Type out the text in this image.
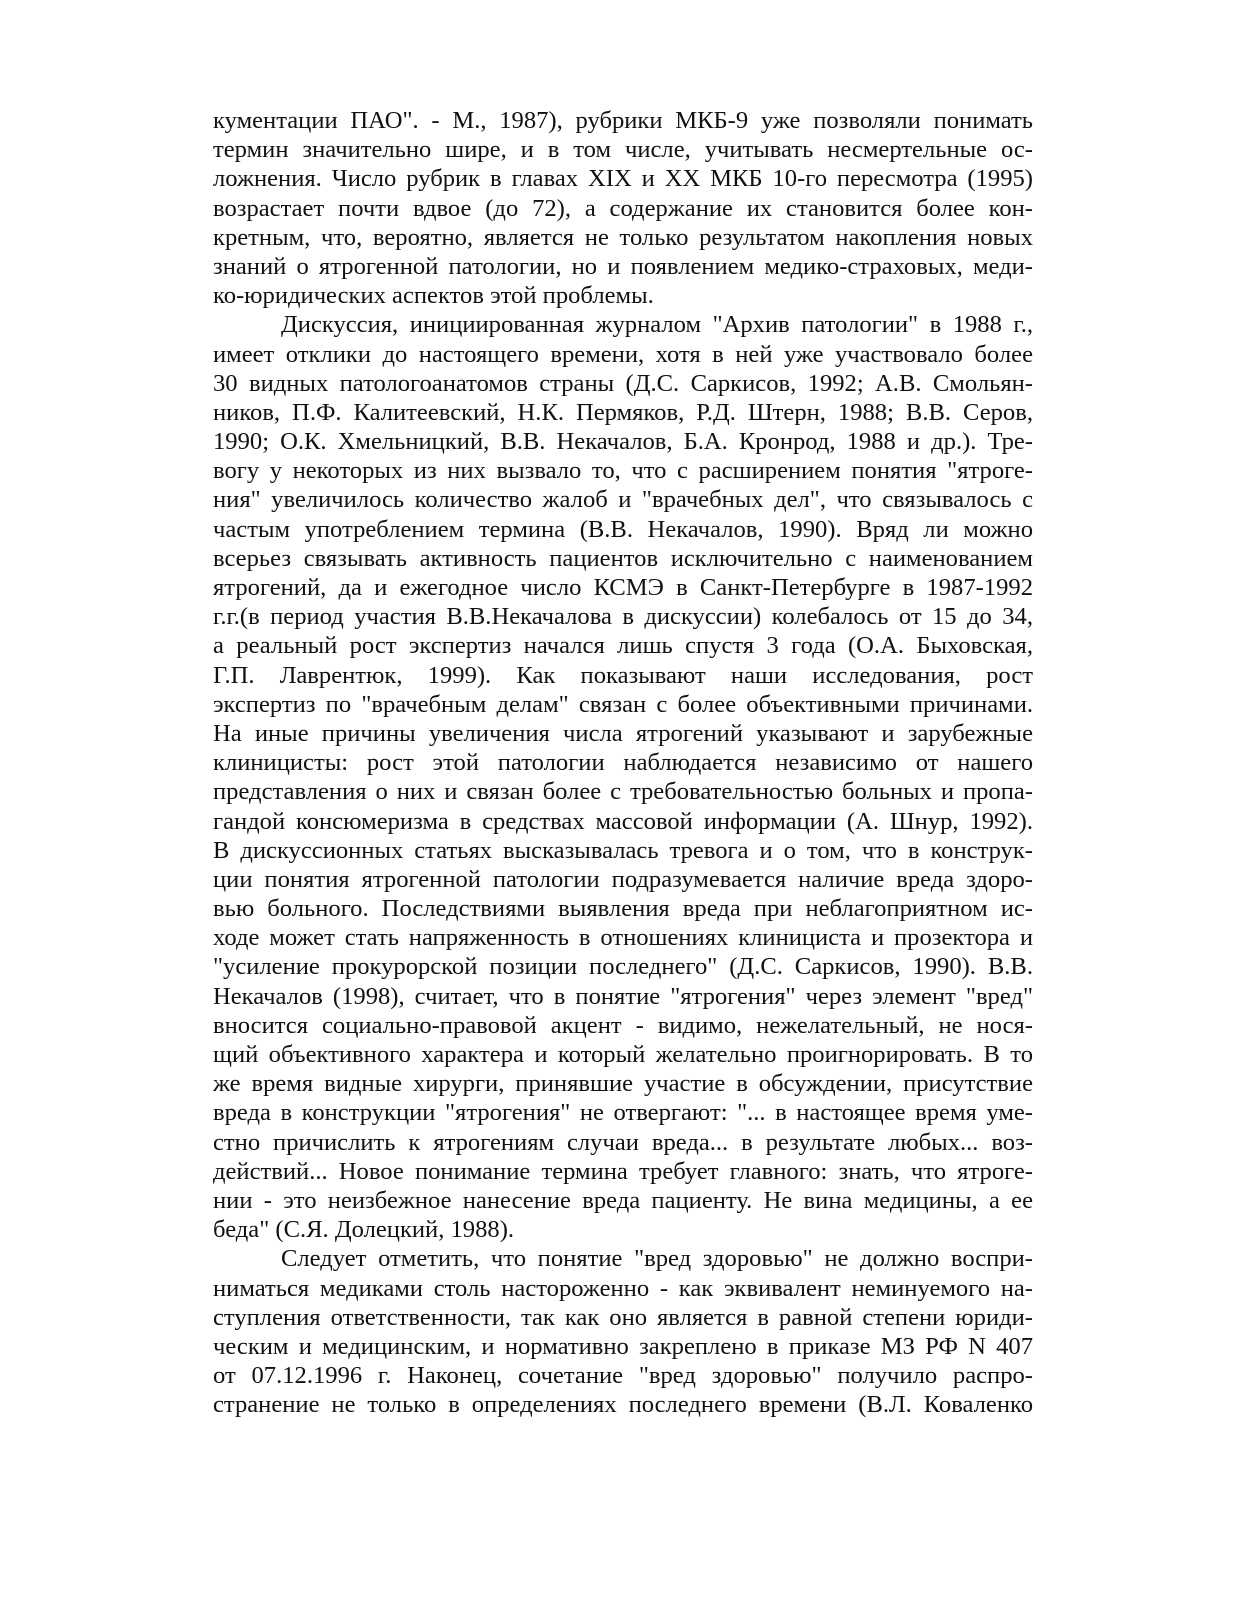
кументации ПАО". - М., 1987), рубрики МКБ-9 уже позволяли понимать
термин значительно шире, и в том числе, учитывать несмертельные ос-
ложнения. Число рубрик в главах XIX и XX МКБ 10-го пересмотра (1995)
возрастает почти вдвое (до 72), а содержание их становится более кон-
кретным, что, вероятно, является не только результатом накопления новых
знаний о ятрогенной патологии, но и появлением медико-страховых, меди-
ко-юридических аспектов этой проблемы.
Дискуссия, инициированная журналом "Архив патологии" в 1988 г.,
имеет отклики до настоящего времени, хотя в ней уже участвовало более
30 видных патологоанатомов страны (Д.С. Саркисов, 1992; А.В. Смольян-
ников, П.Ф. Калитеевский, Н.К. Пермяков, Р.Д. Штерн, 1988; В.В. Серов,
1990; О.К. Хмельницкий, В.В. Некачалов, Б.А. Кронрод, 1988 и др.). Тре-
вогу у некоторых из них вызвало то, что с расширением понятия "ятроге-
ния" увеличилось количество жалоб и "врачебных дел", что связывалось с
частым употреблением термина (В.В. Некачалов, 1990). Вряд ли можно
всерьез связывать активность пациентов исключительно с наименованием
ятрогений, да и ежегодное число КСМЭ в Санкт-Петербурге в 1987-1992
г.г.(в период участия В.В.Некачалова в дискуссии) колебалось от 15 до 34,
а реальный рост экспертиз начался лишь спустя 3 года (О.А. Быховская,
Г.П. Лаврентюк, 1999). Как показывают наши исследования, рост
экспертиз по "врачебным делам" связан с более объективными причинами.
На иные причины увеличения числа ятрогений указывают и зарубежные
клиницисты: рост этой патологии наблюдается независимо от нашего
представления о них и связан более с требовательностью больных и пропа-
гандой консюмеризма в средствах массовой информации (А. Шнур, 1992).
В дискуссионных статьях высказывалась тревога и о том, что в конструк-
ции понятия ятрогенной патологии подразумевается наличие вреда здоро-
вью больного. Последствиями выявления вреда при неблагоприятном ис-
ходе может стать напряженность в отношениях клинициста и прозектора и
"усиление прокурорской позиции последнего" (Д.С. Саркисов, 1990). В.В.
Некачалов (1998), считает, что в понятие "ятрогения" через элемент "вред"
вносится социально-правовой акцент - видимо, нежелательный, не нося-
щий объективного характера и который желательно проигнорировать. В то
же время видные хирурги, принявшие участие в обсуждении, присутствие
вреда в конструкции "ятрогения" не отвергают: "... в настоящее время уме-
стно причислить к ятрогениям случаи вреда... в результате любых... воз-
действий... Новое понимание термина требует главного: знать, что ятроге-
нии - это неизбежное нанесение вреда пациенту. Не вина медицины, а ее
беда" (С.Я. Долецкий, 1988).
Следует отметить, что понятие "вред здоровью" не должно воспри-
ниматься медиками столь настороженно - как эквивалент неминуемого на-
ступления ответственности, так как оно является в равной степени юриди-
ческим и медицинским, и нормативно закреплено в приказе МЗ РФ N 407
от 07.12.1996 г. Наконец, сочетание "вред здоровью" получило распро-
странение не только в определениях последнего времени (В.Л. Коваленко
